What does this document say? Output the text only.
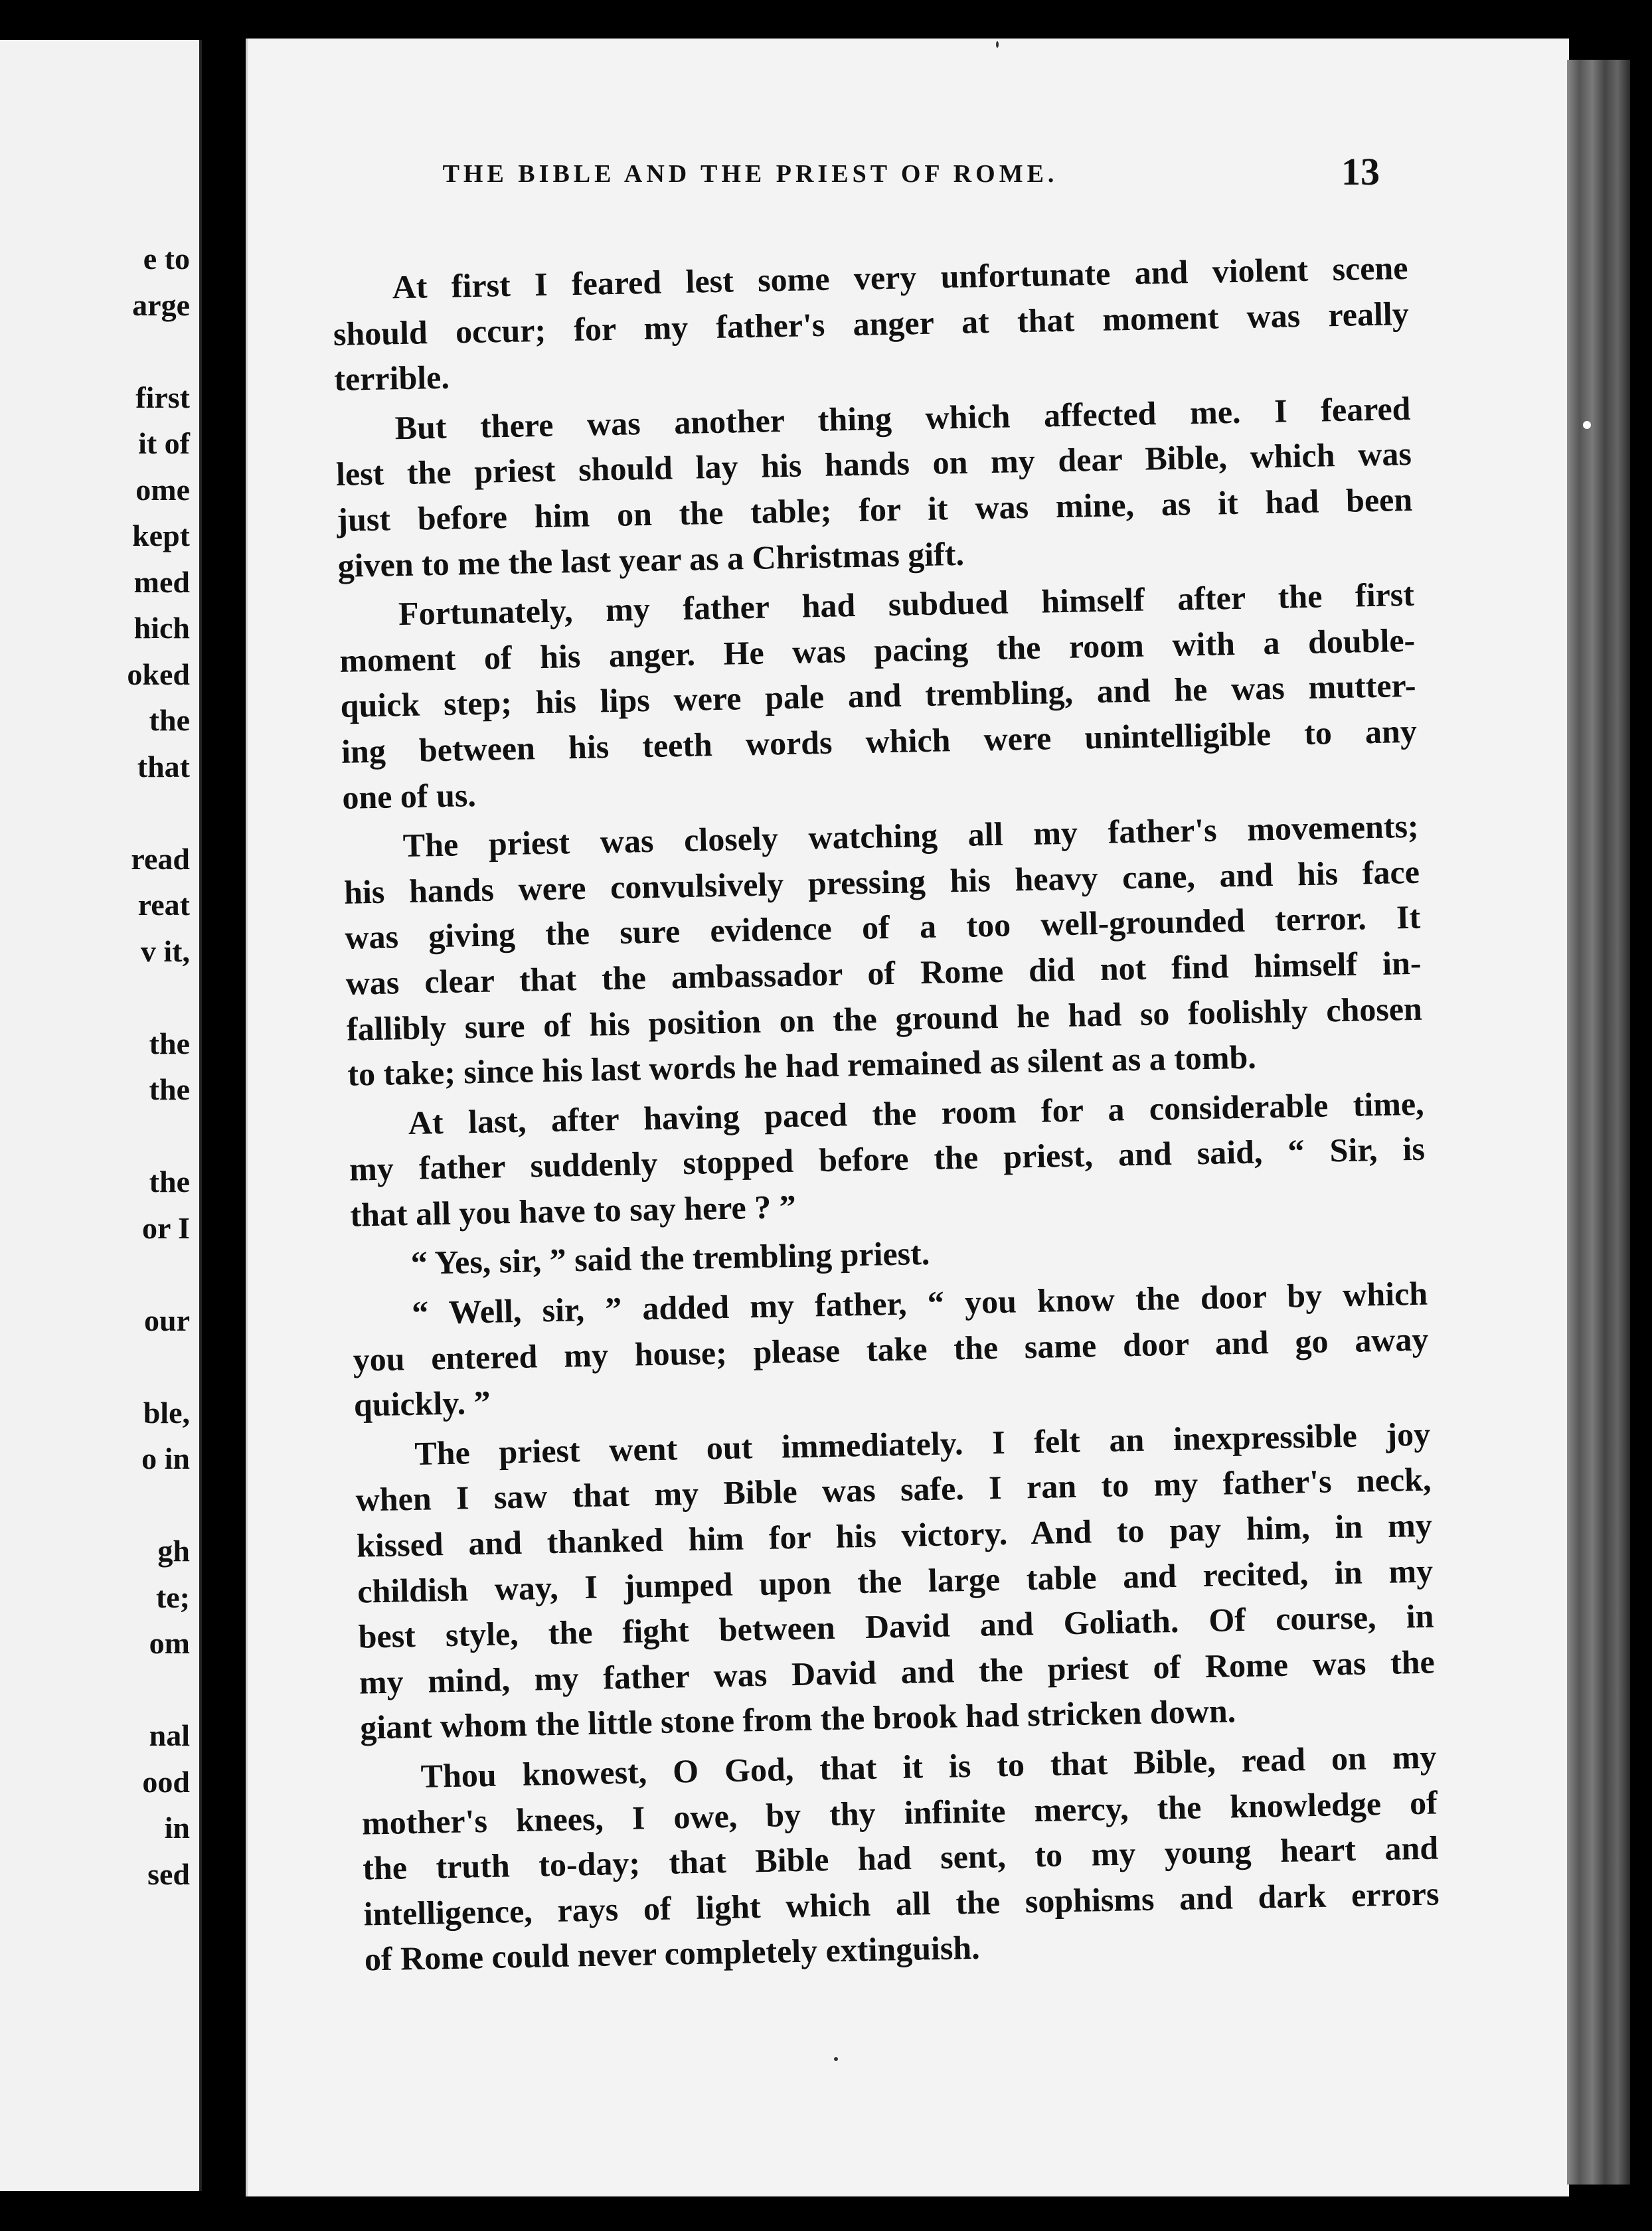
e to
arge
first
it of
ome
kept
med
hich
oked
the
that
read
reat
v it,
the
the
the
or I
our
ble,
o in
gh
te;
om
nal
ood
in
sed
THE BIBLE AND THE PRIEST OF ROME.	13
At first I feared lest some very unfortunate and violent scene
should occur; for my father's anger at that moment was really
terrible.
But there was another thing which affected me. I feared
lest the priest should lay his hands on my dear Bible, which was
just before him on the table; for it was mine, as it had been
given to me the last year as a Christmas gift.
Fortunately, my father had subdued himself after the first
moment of his anger. He was pacing the room with a double-
quick step; his lips were pale and trembling, and he was mutter-
ing between his teeth words which were unintelligible to any
one of us.
The priest was closely watching all my father's movements;
his hands were convulsively pressing his heavy cane, and his face
was giving the sure evidence of a too well-grounded terror. It
was clear that the ambassador of Rome did not find himself in-
fallibly sure of his position on the ground he had so foolishly chosen
to take; since his last words he had remained as silent as a tomb.
At last, after having paced the room for a considerable time,
my father suddenly stopped before the priest, and said, “ Sir, is
that all you have to say here ? ”
“ Yes, sir, ” said the trembling priest.
“ Well, sir, ” added my father, “ you know the door by which
you entered my house; please take the same door and go away
quickly. ”
The priest went out immediately. I felt an inexpressible joy
when I saw that my Bible was safe. I ran to my father's neck,
kissed and thanked him for his victory. And to pay him, in my
childish way, I jumped upon the large table and recited, in my
best style, the fight between David and Goliath. Of course, in
my mind, my father was David and the priest of Rome was the
giant whom the little stone from the brook had stricken down.
Thou knowest, O God, that it is to that Bible, read on my
mother's knees, I owe, by thy infinite mercy, the knowledge of
the truth to-day; that Bible had sent, to my young heart and
intelligence, rays of light which all the sophisms and dark errors
of Rome could never completely extinguish.
